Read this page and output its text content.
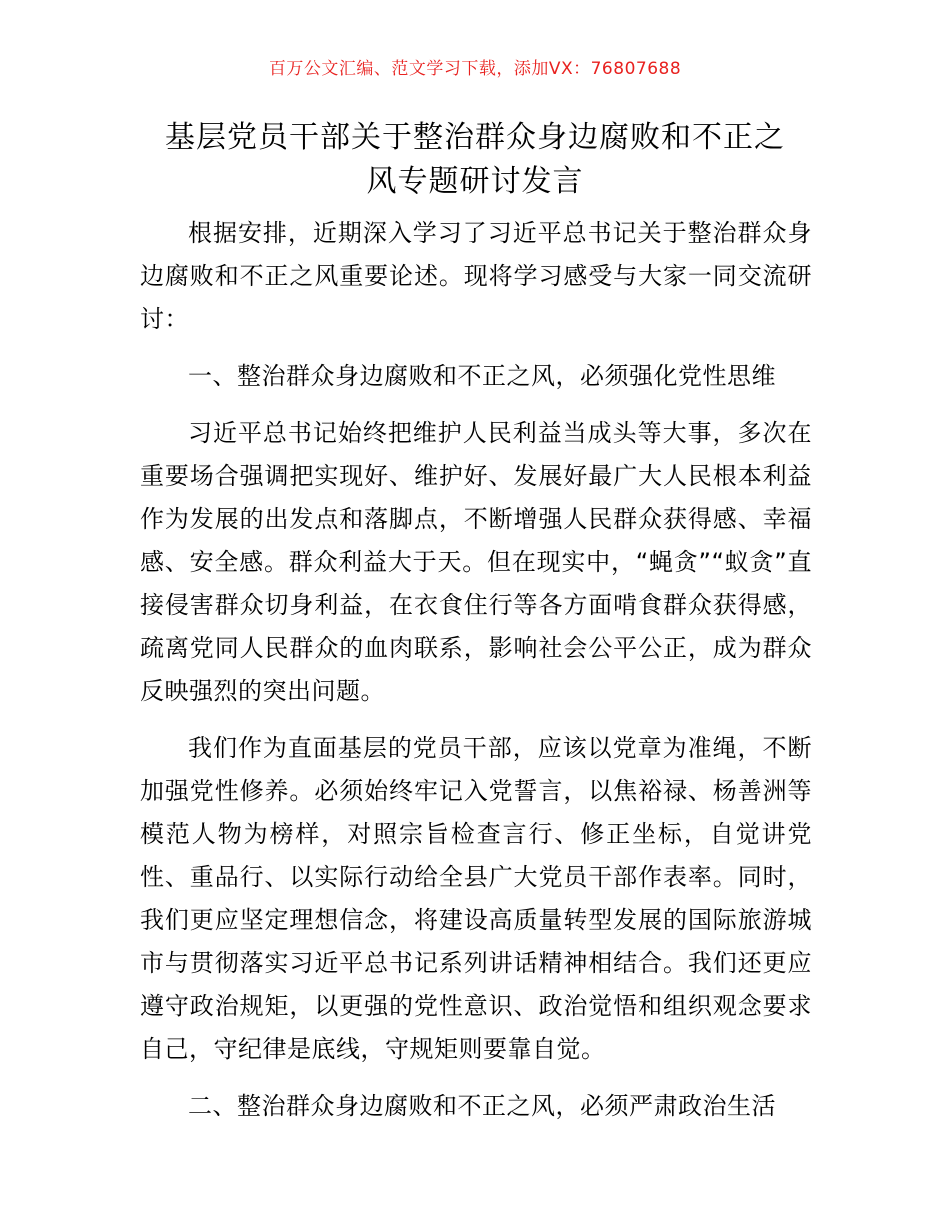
百万公文汇编、范文学习下载，添加VX：76807688
基层党员干部关于整治群众身边腐败和不正之
风专题研讨发言

根据安排，近期深入学习了习近平总书记关于整治群众身边腐败和不正之风重要论述。现将学习感受与大家一同交流研讨：

一、整治群众身边腐败和不正之风，必须强化党性思维

习近平总书记始终把维护人民利益当成头等大事，多次在重要场合强调把实现好、维护好、发展好最广大人民根本利益作为发展的出发点和落脚点，不断增强人民群众获得感、幸福感、安全感。群众利益大于天。但在现实中，“蝇贪”“蚁贪”直接侵害群众切身利益，在衣食住行等各方面啃食群众获得感，疏离党同人民群众的血肉联系，影响社会公平公正，成为群众反映强烈的突出问题。

我们作为直面基层的党员干部，应该以党章为准绳，不断加强党性修养。必须始终牢记入党誓言，以焦裕禄、杨善洲等模范人物为榜样，对照宗旨检查言行、修正坐标，自觉讲党性、重品行、以实际行动给全县广大党员干部作表率。同时，我们更应坚定理想信念，将建设高质量转型发展的国际旅游城市与贯彻落实习近平总书记系列讲话精神相结合。我们还更应遵守政治规矩，以更强的党性意识、政治觉悟和组织观念要求自己，守纪律是底线，守规矩则要靠自觉。

二、整治群众身边腐败和不正之风，必须严肃政治生活
